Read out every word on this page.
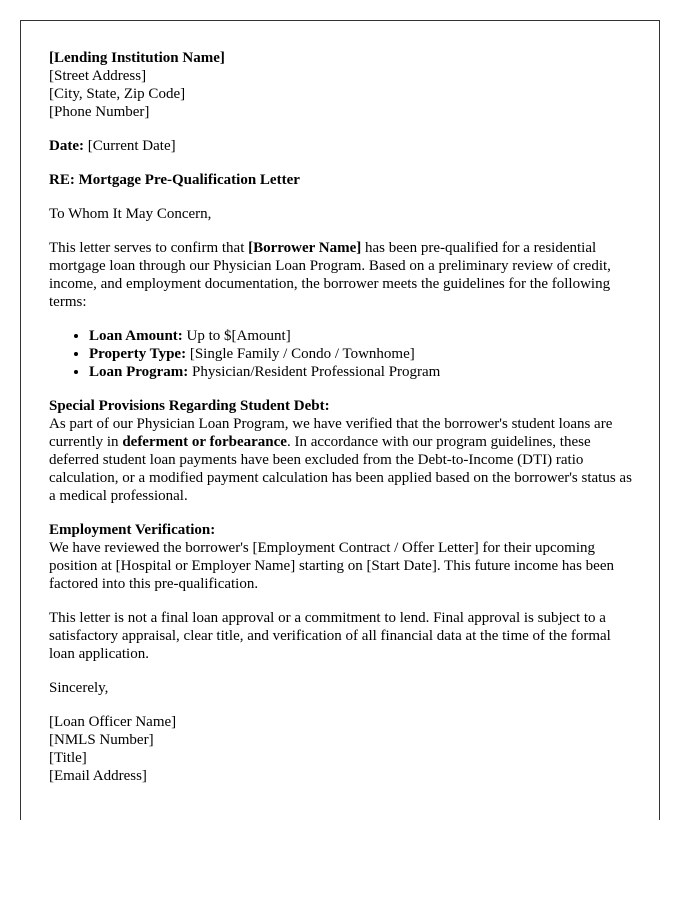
[Lending Institution Name]
[Street Address]
[City, State, Zip Code]
[Phone Number]

Date: [Current Date]

RE: Mortgage Pre-Qualification Letter

To Whom It May Concern,

This letter serves to confirm that [Borrower Name] has been pre-qualified for a residential mortgage loan through our Physician Loan Program. Based on a preliminary review of credit, income, and employment documentation, the borrower meets the guidelines for the following terms:

• Loan Amount: Up to $[Amount]
• Property Type: [Single Family / Condo / Townhome]
• Loan Program: Physician/Resident Professional Program

Special Provisions Regarding Student Debt:
As part of our Physician Loan Program, we have verified that the borrower's student loans are currently in deferment or forbearance. In accordance with our program guidelines, these deferred student loan payments have been excluded from the Debt-to-Income (DTI) ratio calculation, or a modified payment calculation has been applied based on the borrower's status as a medical professional.

Employment Verification:
We have reviewed the borrower's [Employment Contract / Offer Letter] for their upcoming position at [Hospital or Employer Name] starting on [Start Date]. This future income has been factored into this pre-qualification.

This letter is not a final loan approval or a commitment to lend. Final approval is subject to a satisfactory appraisal, clear title, and verification of all financial data at the time of the formal loan application.

Sincerely,

[Loan Officer Name]
[NMLS Number]
[Title]
[Email Address]
